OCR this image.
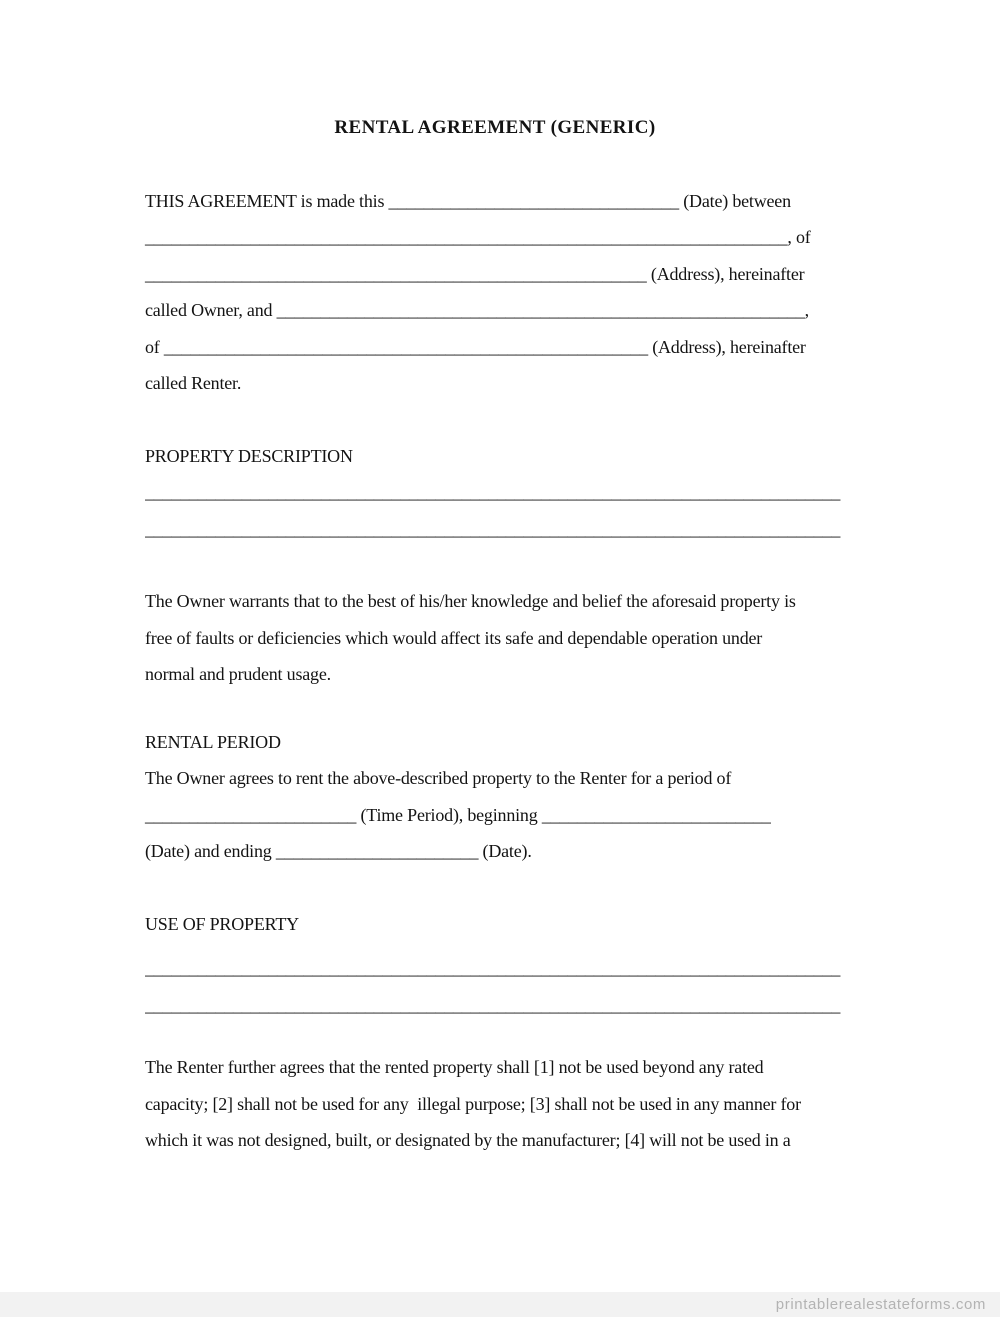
RENTAL AGREEMENT (GENERIC)
THIS AGREEMENT is made this _________________________________ (Date) between
_________________________________________________________________________, of
_________________________________________________________ (Address), hereinafter
called Owner, and ____________________________________________________________,
of _______________________________________________________ (Address), hereinafter
called Renter.
PROPERTY DESCRIPTION
_______________________________________________________________________________
_______________________________________________________________________________
The Owner warrants that to the best of his/her knowledge and belief the aforesaid property is
free of faults or deficiencies which would affect its safe and dependable operation under
normal and prudent usage.
RENTAL PERIOD
The Owner agrees to rent the above-described property to the Renter for a period of
________________________ (Time Period), beginning __________________________
(Date) and ending _______________________ (Date).
USE OF PROPERTY
_______________________________________________________________________________
_______________________________________________________________________________
The Renter further agrees that the rented property shall [1] not be used beyond any rated
capacity; [2] shall not be used for any  illegal purpose; [3] shall not be used in any manner for
which it was not designed, built, or designated by the manufacturer; [4] will not be used in a
printablerealestateforms.com
